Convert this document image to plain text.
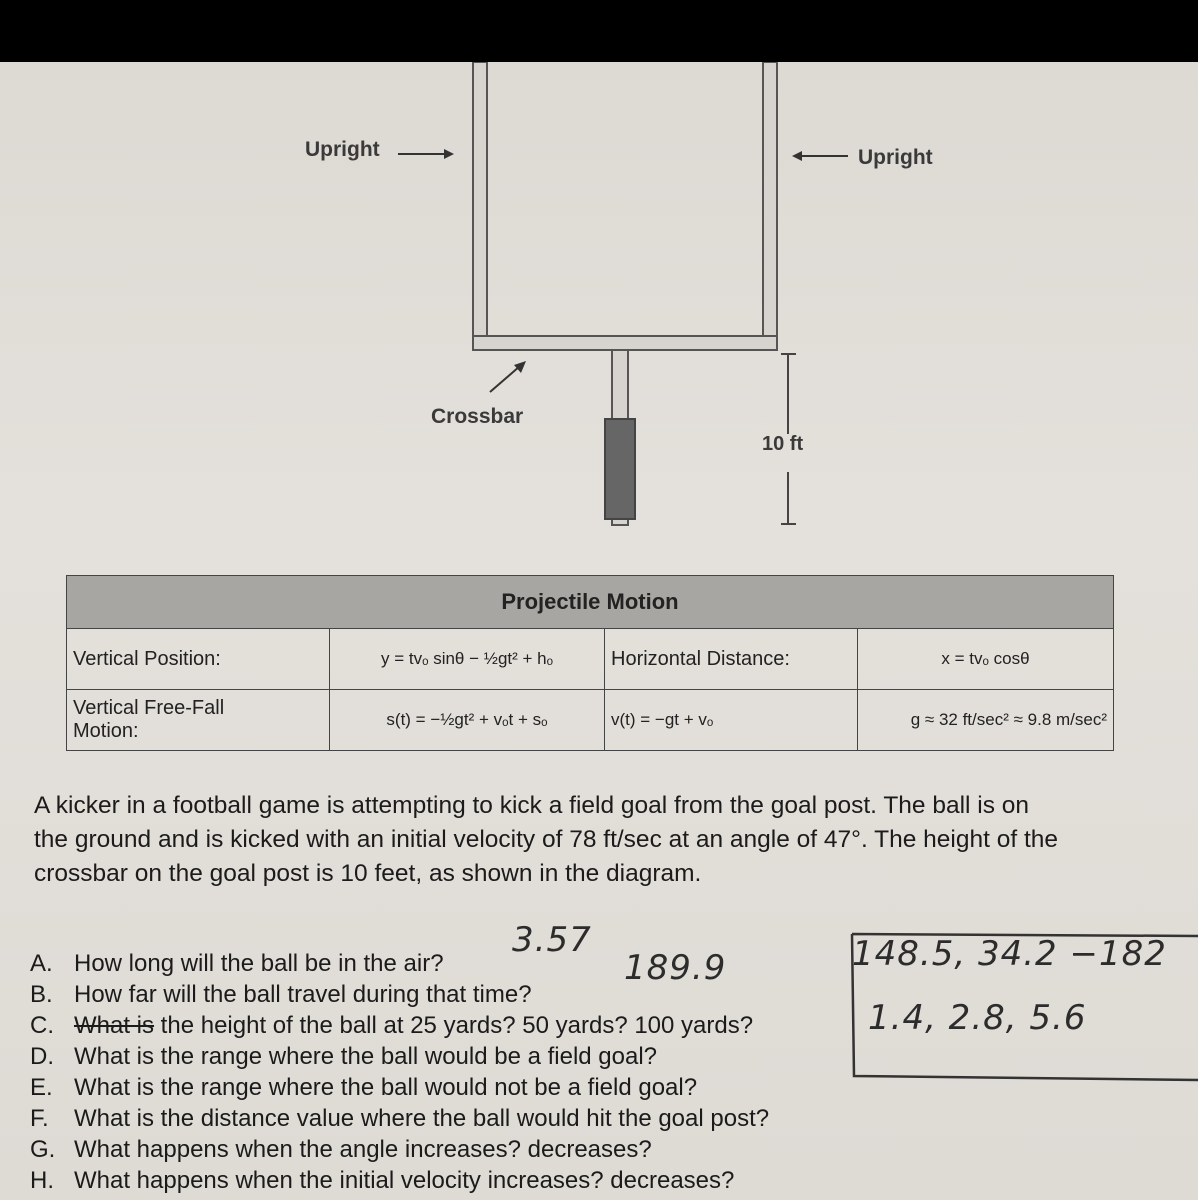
Upright	Upright
Crossbar
10 ft
Projectile Motion			
Vertical Position:	y = tvₒ sinθ − ½gt² + hₒ	Horizontal Distance:	x = tvₒ cosθ

Vertical Free-Fall
Motion:	s(t) = −½gt² + vₒt + sₒ	v(t) = −gt + vₒ	g ≈ 32 ft/sec² ≈ 9.8 m/sec²
A kicker in a football game is attempting to kick a field goal from the goal post. The ball is on
the ground and is kicked with an initial velocity of 78 ft/sec at an angle of 47°. The height of the
crossbar on the goal post is 10 feet, as shown in the diagram.
A. How long will the ball be in the air?
B. How far will the ball travel during that time?
C. What is the height of the ball at 25 yards? 50 yards? 100 yards?
D. What is the range where the ball would be a field goal?
E. What is the range where the ball would not be a field goal?
F. What is the distance value where the ball would hit the goal post?
G. What happens when the angle increases? decreases?
H. What happens when the initial velocity increases? decreases?
3.57
189.9	148.5, 34.2 −182
1.4, 2.8, 5.6
